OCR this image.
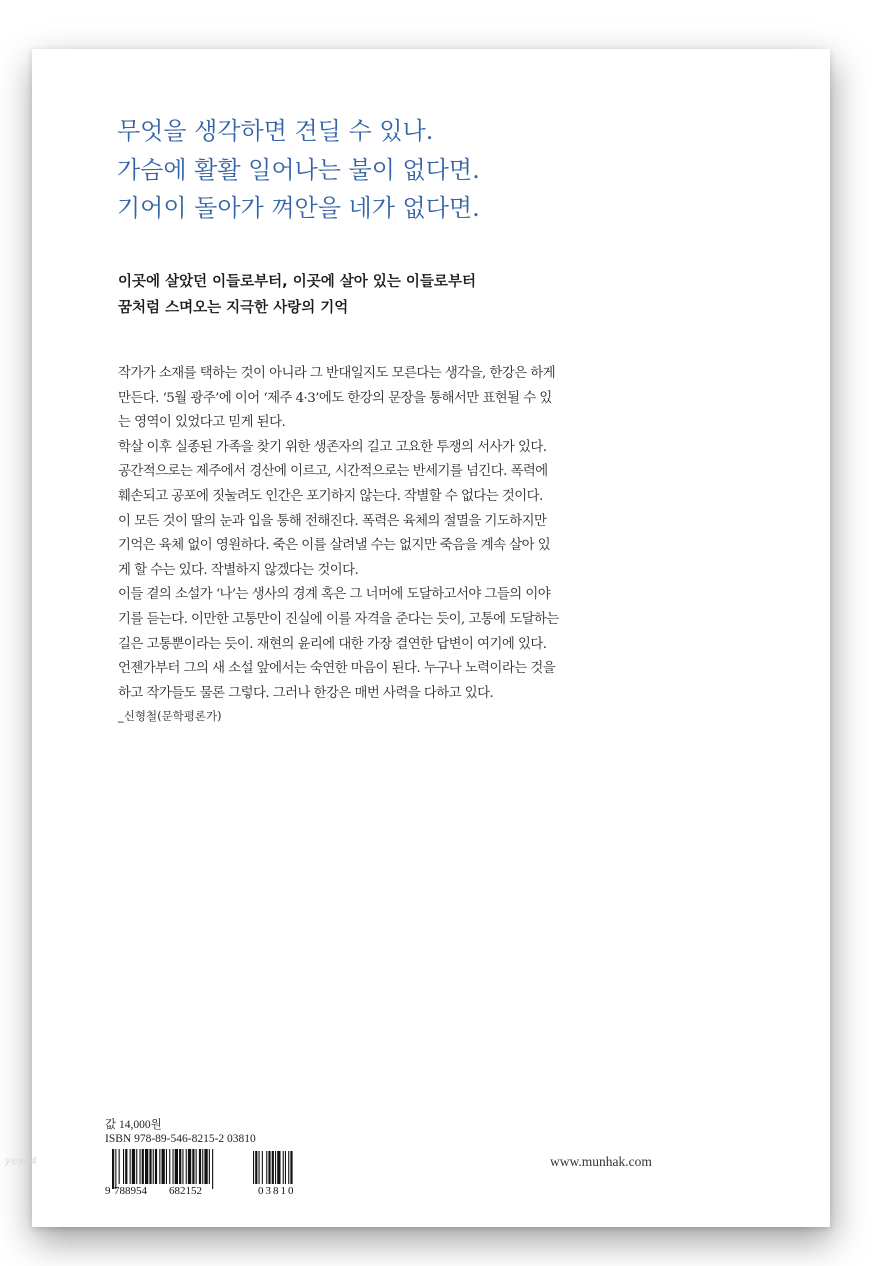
무엇을 생각하면 견딜 수 있나.
가슴에 활활 일어나는 불이 없다면.
기어이 돌아가 껴안을 네가 없다면.
이곳에 살았던 이들로부터, 이곳에 살아 있는 이들로부터
꿈처럼 스며오는 지극한 사랑의 기억
작가가 소재를 택하는 것이 아니라 그 반대일지도 모른다는 생각을, 한강은 하게
만든다. ‘5월 광주’에 이어 ‘제주 4·3’에도 한강의 문장을 통해서만 표현될 수 있
는 영역이 있었다고 믿게 된다.
학살 이후 실종된 가족을 찾기 위한 생존자의 길고 고요한 투쟁의 서사가 있다.
공간적으로는 제주에서 경산에 이르고, 시간적으로는 반세기를 넘긴다. 폭력에
훼손되고 공포에 짓눌려도 인간은 포기하지 않는다. 작별할 수 없다는 것이다.
이 모든 것이 딸의 눈과 입을 통해 전해진다. 폭력은 육체의 절멸을 기도하지만
기억은 육체 없이 영원하다. 죽은 이를 살려낼 수는 없지만 죽음을 계속 살아 있
게 할 수는 있다. 작별하지 않겠다는 것이다.
이들 곁의 소설가 ‘나’는 생사의 경계 혹은 그 너머에 도달하고서야 그들의 이야
기를 듣는다. 이만한 고통만이 진실에 이를 자격을 준다는 듯이, 고통에 도달하는
길은 고통뿐이라는 듯이. 재현의 윤리에 대한 가장 결연한 답변이 여기에 있다.
언젠가부터 그의 새 소설 앞에서는 숙연한 마음이 된다. 누구나 노력이라는 것을
하고 작가들도 물론 그렇다. 그러나 한강은 매번 사력을 다하고 있다.
_신형철(문학평론가)
값 14,000원
ISBN 978-89-546-8215-2 03810
9 788954 682152	03810
www.munhak.com
yes24
